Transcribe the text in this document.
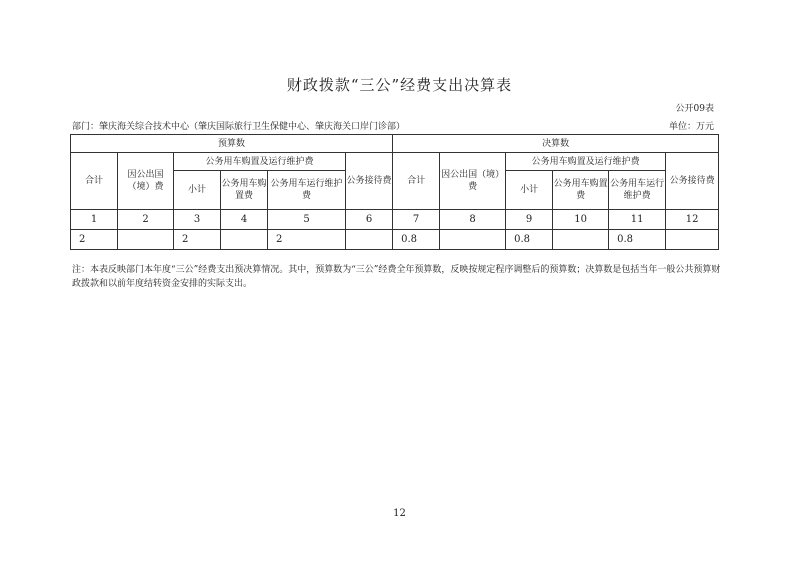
财政拨款“三公”经费支出决算表
公开09表
部门：肇庆海关综合技术中心（肇庆国际旅行卫生保健中心、肇庆海关口岸门诊部）	单位：万元
预算数						决算数					
合计	因公出国（境）费	公务用车购置及运行维护费			公务接待费	合计	因公出国（境）费	公务用车购置及运行维护费			公务接待费
		小计	公务用车购置费	公务用车运行维护费				小计	公务用车购置费	公务用车运行维护费	
1	2	3	4	5	6	7	8	9	10	11	12
2		2		2		0.8		0.8		0.8	
注：本表反映部门本年度“三公”经费支出预决算情况。其中，预算数为“三公”经费全年预算数，反映按规定程序调整后的预算数；决算数是包括当年一般公共预算财政拨款和以前年度结转资金安排的实际支出。
12
